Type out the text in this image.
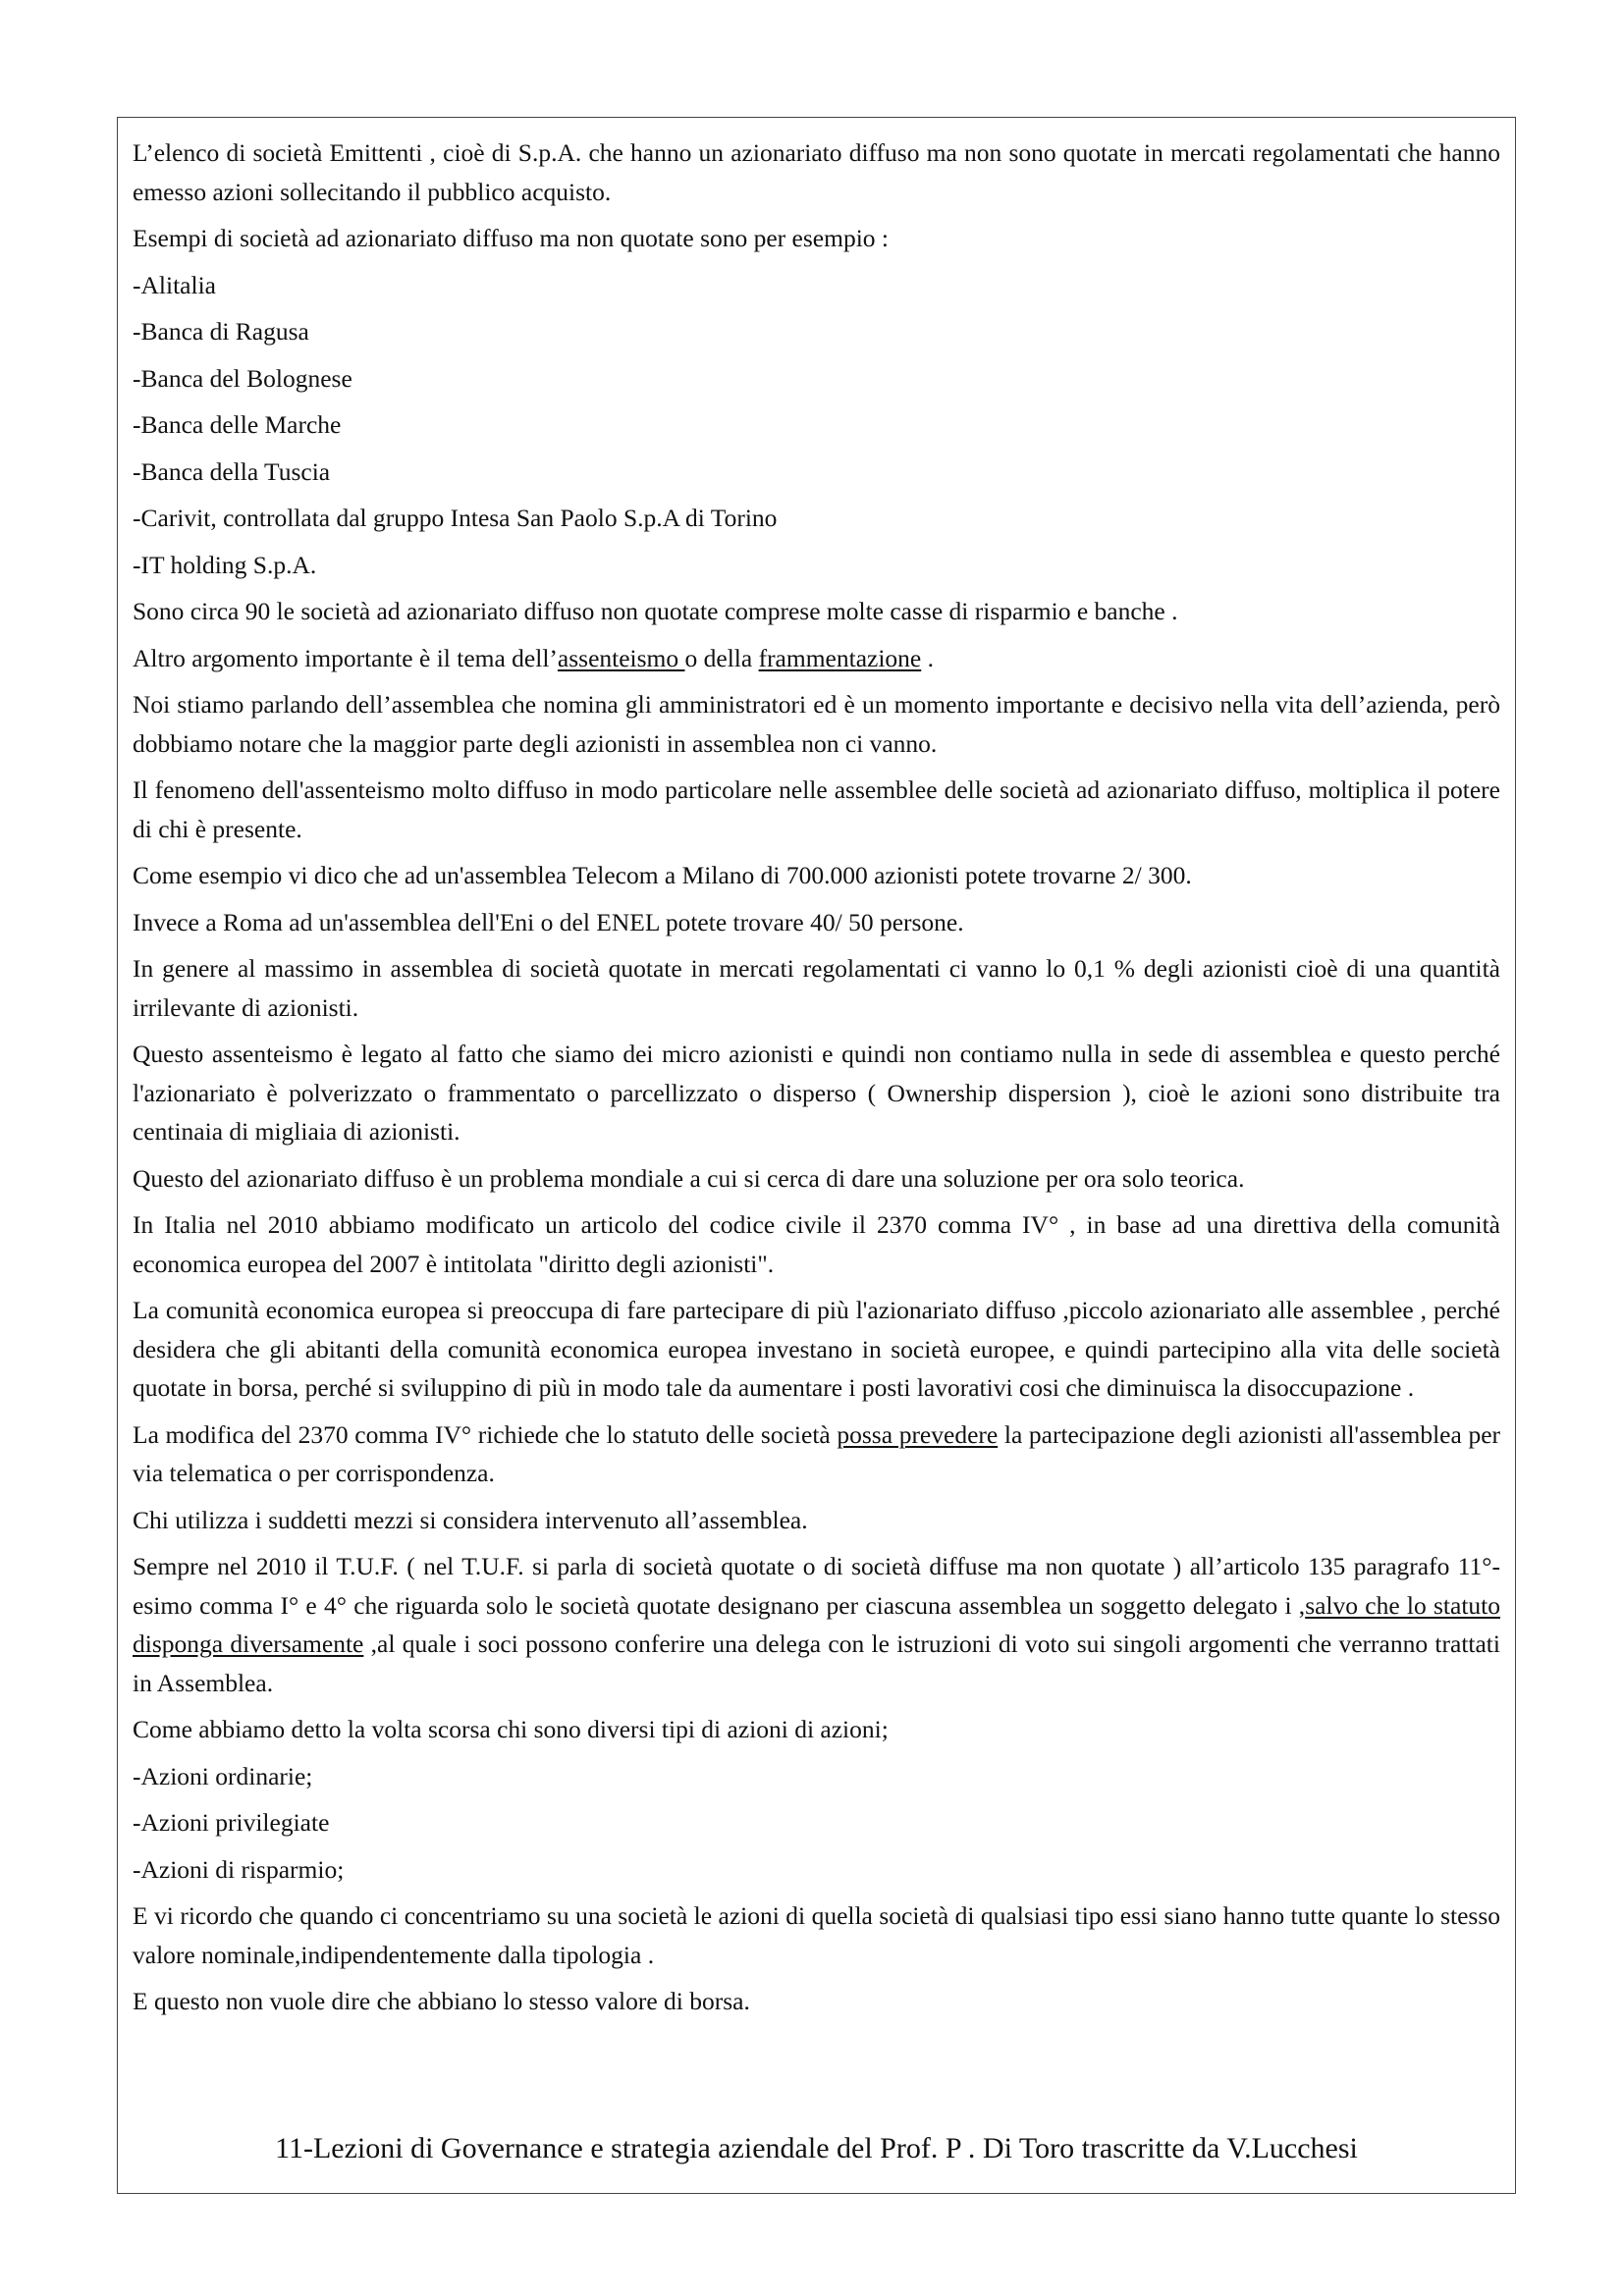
L’elenco di società Emittenti , cioè di S.p.A. che hanno un azionariato diffuso ma non sono quotate in mercati regolamentati che hanno emesso azioni sollecitando il pubblico acquisto.

Esempi di società ad azionariato diffuso ma non quotate sono per esempio :

-Alitalia

-Banca di Ragusa

-Banca del Bolognese

-Banca delle Marche

-Banca della Tuscia

-Carivit, controllata dal gruppo Intesa San Paolo S.p.A di Torino

-IT holding S.p.A.

Sono circa 90 le società ad azionariato diffuso non quotate comprese molte casse di risparmio e banche .

Altro argomento importante è il tema dell’assenteismo o della frammentazione .

Noi stiamo parlando dell’assemblea che nomina gli amministratori ed è un momento importante e decisivo nella vita dell’azienda, però dobbiamo notare che la maggior parte degli azionisti in assemblea non ci vanno.

Il fenomeno dell'assenteismo molto diffuso in modo particolare nelle assemblee delle società ad azionariato diffuso, moltiplica il potere di chi è presente.

Come esempio vi dico che ad un'assemblea Telecom a Milano di 700.000 azionisti potete trovarne 2/ 300.

Invece a Roma ad un'assemblea dell'Eni o del ENEL potete trovare 40/ 50 persone.

In genere al massimo in assemblea di società quotate in mercati regolamentati ci vanno lo 0,1 % degli azionisti cioè di una quantità irrilevante di azionisti.

Questo assenteismo è legato al fatto che siamo dei micro azionisti e quindi non contiamo nulla in sede di assemblea e questo perché l'azionariato è polverizzato o frammentato o parcellizzato o disperso ( Ownership dispersion ), cioè le azioni sono distribuite tra centinaia di migliaia di azionisti.

Questo del azionariato diffuso è un problema mondiale a cui si cerca di dare una soluzione per ora solo teorica.

In Italia nel 2010 abbiamo modificato un articolo del codice civile il 2370 comma IV° , in base ad una direttiva della comunità economica europea del 2007 è intitolata "diritto degli azionisti".

La comunità economica europea si preoccupa di fare partecipare di più l'azionariato diffuso ,piccolo azionariato alle assemblee , perché desidera che gli abitanti della comunità economica europea investano in società europee, e quindi partecipino alla vita delle società quotate in borsa, perché si sviluppino di più in modo tale da aumentare i posti lavorativi cosi che diminuisca la disoccupazione .

La modifica del 2370 comma IV° richiede che lo statuto delle società possa prevedere la partecipazione degli azionisti all'assemblea per via telematica o per corrispondenza.

Chi utilizza i suddetti mezzi si considera intervenuto all’assemblea.

Sempre nel 2010 il T.U.F. ( nel T.U.F. si parla di società quotate o di società diffuse ma non quotate ) all’articolo 135 paragrafo 11°-esimo comma I° e 4° che riguarda solo le società quotate designano per ciascuna assemblea un soggetto delegato i ,salvo che lo statuto disponga diversamente ,al quale i soci possono conferire una delega con le istruzioni di voto sui singoli argomenti che verranno trattati in Assemblea.

Come abbiamo detto la volta scorsa chi sono diversi tipi di azioni di azioni;

-Azioni ordinarie;

-Azioni privilegiate

-Azioni di risparmio;

E vi ricordo che quando ci concentriamo su una società le azioni di quella società di qualsiasi tipo essi siano hanno tutte quante lo stesso valore nominale,indipendentemente dalla tipologia .

E questo non vuole dire che abbiano lo stesso valore di borsa.

11-Lezioni di Governance e strategia aziendale del Prof. P . Di Toro trascritte da V.Lucchesi
